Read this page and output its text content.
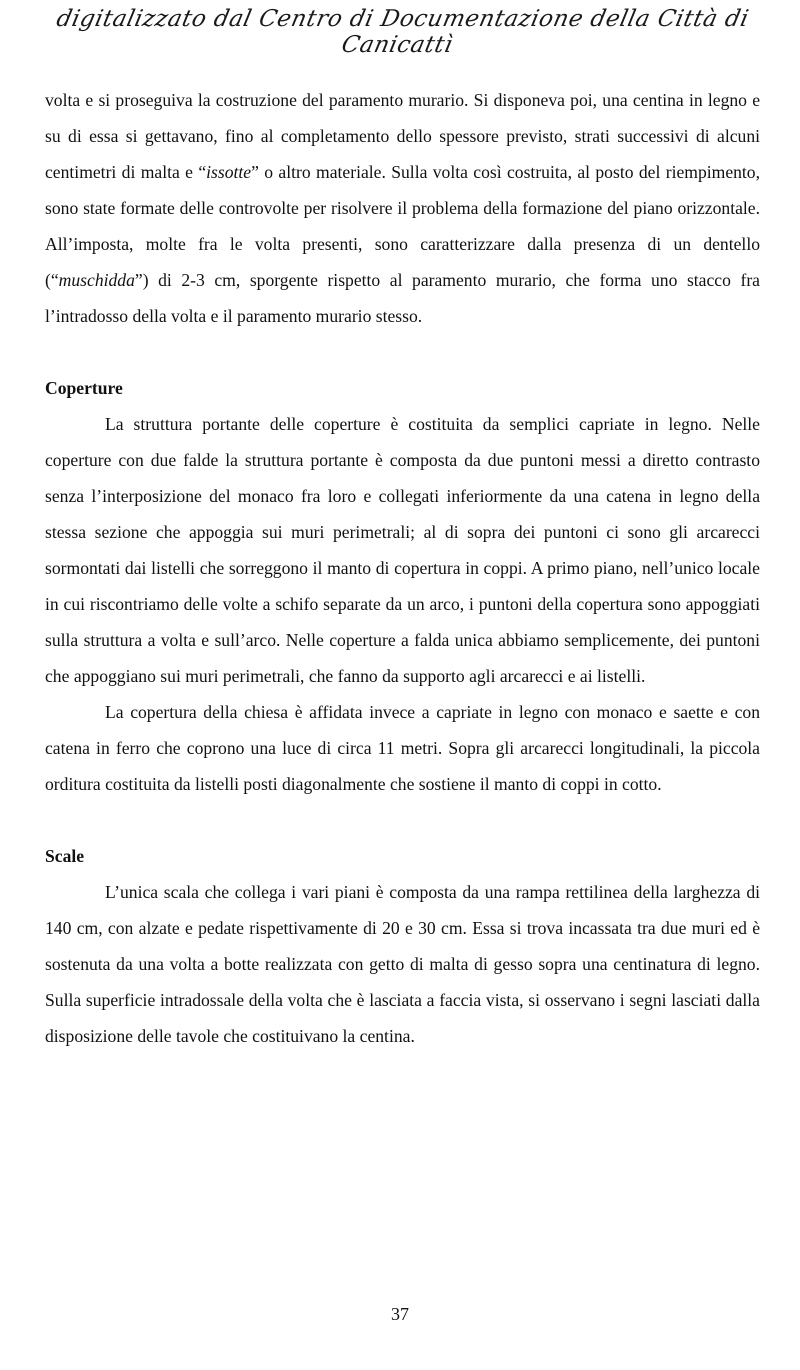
digitalizzato dal Centro di Documentazione della Città di Canicattì

volta e si proseguiva la costruzione del paramento murario. Si disponeva poi, una centina in legno e su di essa si gettavano, fino al completamento dello spessore previsto, strati successivi di alcuni centimetri di malta e “issotte” o altro materiale. Sulla volta così costruita, al posto del riempimento, sono state formate delle controvolte per risolvere il problema della formazione del piano orizzontale. All’imposta, molte fra le volta presenti, sono caratterizzare dalla presenza di un dentello (“muschidda”) di 2-3 cm, sporgente rispetto al paramento murario, che forma uno stacco fra l’intradosso della volta e il paramento murario stesso.

Coperture

La struttura portante delle coperture è costituita da semplici capriate in legno. Nelle coperture con due falde la struttura portante è composta da due puntoni messi a diretto contrasto senza l’interposizione del monaco fra loro e collegati inferiormente da una catena in legno della stessa sezione che appoggia sui muri perimetrali; al di sopra dei puntoni ci sono gli arcarecci sormontati dai listelli che sorreggono il manto di copertura in coppi. A primo piano, nell’unico locale in cui riscontriamo delle volte a schifo separate da un arco, i puntoni della copertura sono appoggiati sulla struttura a volta e sull’arco. Nelle coperture a falda unica abbiamo semplicemente, dei puntoni che appoggiano sui muri perimetrali, che fanno da supporto agli arcarecci e ai listelli.

La copertura della chiesa è affidata invece a capriate in legno con monaco e saette e con catena in ferro che coprono una luce di circa 11 metri. Sopra gli arcarecci longitudinali, la piccola orditura costituita da listelli posti diagonalmente che sostiene il manto di coppi in cotto.

Scale

L’unica scala che collega i vari piani è composta da una rampa rettilinea della larghezza di 140 cm, con alzate e pedate rispettivamente di 20 e 30 cm. Essa si trova incassata tra due muri ed è sostenuta da una volta a botte realizzata con getto di malta di gesso sopra una centinatura di legno. Sulla superficie intradossale della volta che è lasciata a faccia vista, si osservano i segni lasciati dalla disposizione delle tavole che costituivano la centina.

37
